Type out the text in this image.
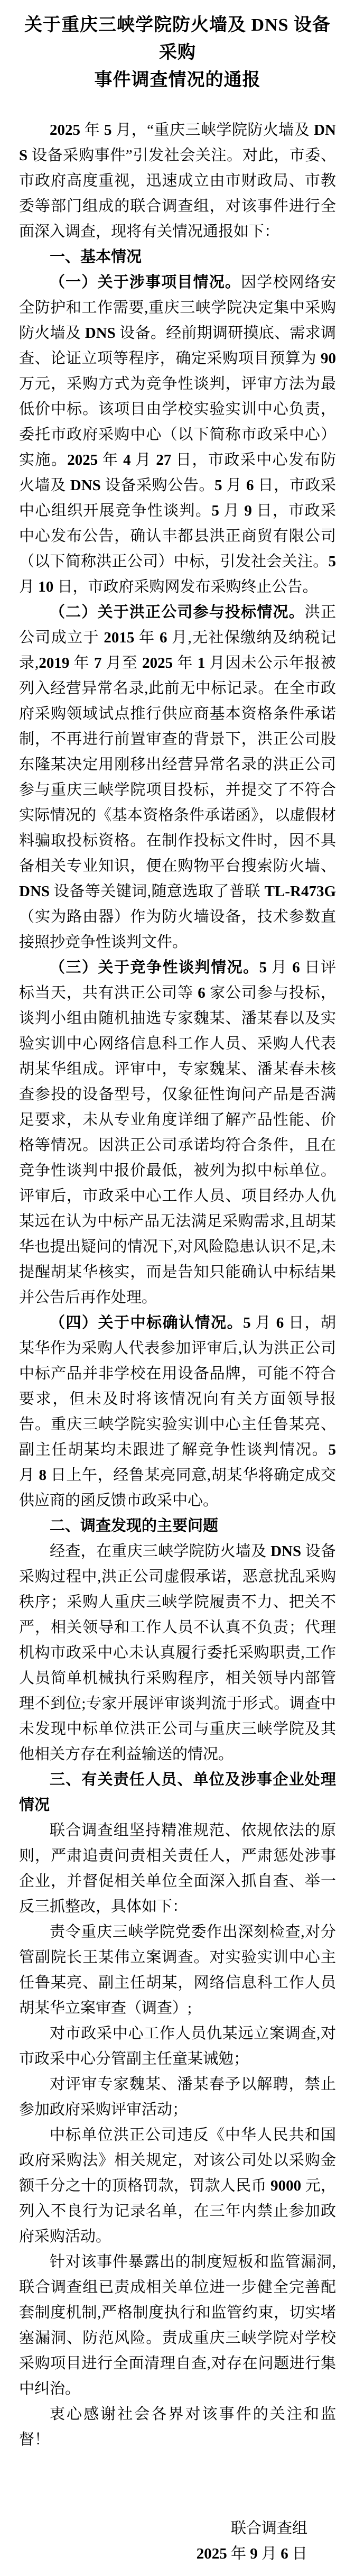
关于重庆三峡学院防火墙及 DNS 设备采购
事件调查情况的通报

2025 年 5 月，“重庆三峡学院防火墙及 DNS 设备采购事件”引发社会关注。对此，市委、市政府高度重视，迅速成立由市财政局、市教委等部门组成的联合调查组，对该事件进行全面深入调查，现将有关情况通报如下：

一、基本情况

（一）关于涉事项目情况。因学校网络安全防护和工作需要,重庆三峡学院决定集中采购防火墙及 DNS 设备。经前期调研摸底、需求调查、论证立项等程序，确定采购项目预算为 90 万元，采购方式为竞争性谈判，评审方法为最低价中标。该项目由学校实验实训中心负责，委托市政府采购中心（以下简称市政采中心）实施。2025 年 4 月 27 日，市政采中心发布防火墙及 DNS 设备采购公告。5 月 6 日，市政采中心组织开展竞争性谈判。5 月 9 日，市政采中心发布公告，确认丰都县洪正商贸有限公司（以下简称洪正公司）中标，引发社会关注。5 月 10 日，市政府采购网发布采购终止公告。

（二）关于洪正公司参与投标情况。洪正公司成立于 2015 年 6 月,无社保缴纳及纳税记录,2019 年 7 月至 2025 年 1 月因未公示年报被列入经营异常名录,此前无中标记录。在全市政府采购领域试点推行供应商基本资格条件承诺制，不再进行前置审查的背景下，洪正公司股东隆某决定用刚移出经营异常名录的洪正公司参与重庆三峡学院项目投标，并提交了不符合实际情况的《基本资格条件承诺函》，以虚假材料骗取投标资格。在制作投标文件时，因不具备相关专业知识，便在购物平台搜索防火墙、DNS 设备等关键词,随意选取了普联 TL-R473G（实为路由器）作为防火墙设备，技术参数直接照抄竞争性谈判文件。

（三）关于竞争性谈判情况。5 月 6 日评标当天，共有洪正公司等 6 家公司参与投标，谈判小组由随机抽选专家魏某、潘某春以及实验实训中心网络信息科工作人员、采购人代表胡某华组成。评审中，专家魏某、潘某春未核查参投的设备型号，仅象征性询问产品是否满足要求，未从专业角度详细了解产品性能、价格等情况。因洪正公司承诺均符合条件，且在竞争性谈判中报价最低，被列为拟中标单位。评审后，市政采中心工作人员、项目经办人仇某远在认为中标产品无法满足采购需求,且胡某华也提出疑问的情况下,对风险隐患认识不足,未提醒胡某华核实，而是告知只能确认中标结果并公告后再作处理。

（四）关于中标确认情况。5 月 6 日，胡某华作为采购人代表参加评审后,认为洪正公司中标产品并非学校在用设备品牌，可能不符合要求，但未及时将该情况向有关方面领导报告。重庆三峡学院实验实训中心主任鲁某亮、副主任胡某均未跟进了解竞争性谈判情况。5 月 8 日上午，经鲁某亮同意,胡某华将确定成交供应商的函反馈市政采中心。

二、调查发现的主要问题

经查，在重庆三峡学院防火墙及 DNS 设备采购过程中,洪正公司虚假承诺，恶意扰乱采购秩序；采购人重庆三峡学院履责不力、把关不严，相关领导和工作人员不认真不负责；代理机构市政采中心未认真履行委托采购职责,工作人员简单机械执行采购程序，相关领导内部管理不到位;专家开展评审谈判流于形式。调查中未发现中标单位洪正公司与重庆三峡学院及其他相关方存在利益输送的情况。

三、有关责任人员、单位及涉事企业处理情况

联合调查组坚持精准规范、依规依法的原则，严肃追责问责相关责任人，严肃惩处涉事企业，并督促相关单位全面深入抓自查、举一反三抓整改，具体如下：

责令重庆三峡学院党委作出深刻检查,对分管副院长王某伟立案调查。对实验实训中心主任鲁某亮、副主任胡某，网络信息科工作人员胡某华立案审查（调查）;

对市政采中心工作人员仇某远立案调查,对市政采中心分管副主任童某诫勉；

对评审专家魏某、潘某春予以解聘，禁止参加政府采购评审活动；

中标单位洪正公司违反《中华人民共和国政府采购法》相关规定，对该公司处以采购金额千分之十的顶格罚款，罚款人民币 9000 元，列入不良行为记录名单，在三年内禁止参加政府采购活动。

针对该事件暴露出的制度短板和监管漏洞,联合调查组已责成相关单位进一步健全完善配套制度机制,严格制度执行和监管约束，切实堵塞漏洞、防范风险。责成重庆三峡学院对学校采购项目进行全面清理自查,对存在问题进行集中纠治。

衷心感谢社会各界对该事件的关注和监督！

联合调查组

2025 年 9 月 6 日
